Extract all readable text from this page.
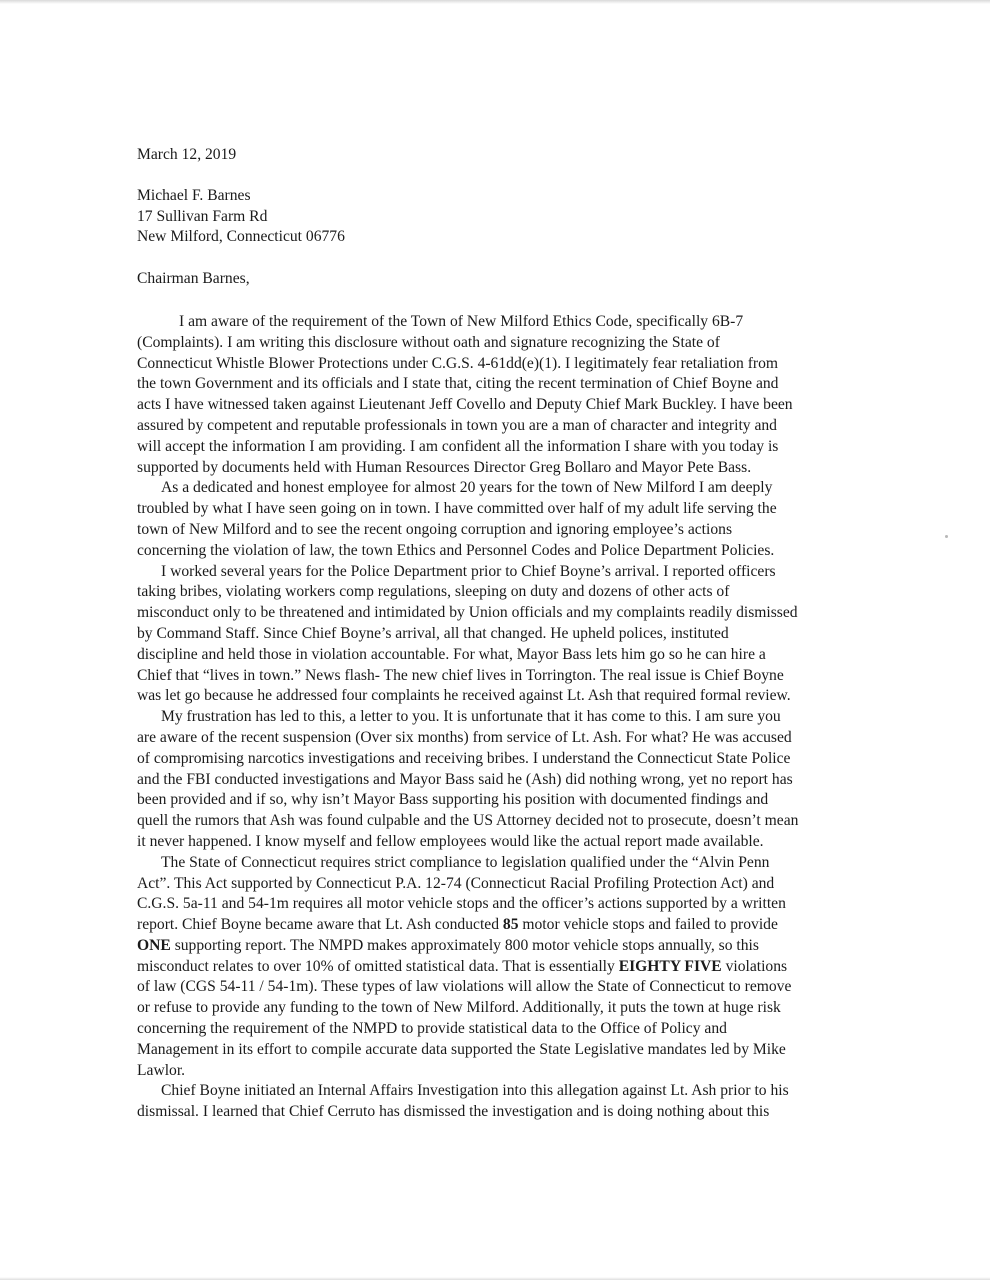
March 12, 2019
Michael F. Barnes
17 Sullivan Farm Rd
New Milford, Connecticut 06776
Chairman Barnes,
I am aware of the requirement of the Town of New Milford Ethics Code, specifically 6B-7
(Complaints). I am writing this disclosure without oath and signature recognizing the State of
Connecticut Whistle Blower Protections under C.G.S. 4-61dd(e)(1). I legitimately fear retaliation from
the town Government and its officials and I state that, citing the recent termination of Chief Boyne and
acts I have witnessed taken against Lieutenant Jeff Covello and Deputy Chief Mark Buckley. I have been
assured by competent and reputable professionals in town you are a man of character and integrity and
will accept the information I am providing. I am confident all the information I share with you today is
supported by documents held with Human Resources Director Greg Bollaro and Mayor Pete Bass.
As a dedicated and honest employee for almost 20 years for the town of New Milford I am deeply
troubled by what I have seen going on in town. I have committed over half of my adult life serving the
town of New Milford and to see the recent ongoing corruption and ignoring employee’s actions
concerning the violation of law, the town Ethics and Personnel Codes and Police Department Policies.
I worked several years for the Police Department prior to Chief Boyne’s arrival. I reported officers
taking bribes, violating workers comp regulations, sleeping on duty and dozens of other acts of
misconduct only to be threatened and intimidated by Union officials and my complaints readily dismissed
by Command Staff. Since Chief Boyne’s arrival, all that changed. He upheld polices, instituted
discipline and held those in violation accountable. For what, Mayor Bass lets him go so he can hire a
Chief that “lives in town.” News flash- The new chief lives in Torrington. The real issue is Chief Boyne
was let go because he addressed four complaints he received against Lt. Ash that required formal review.
My frustration has led to this, a letter to you. It is unfortunate that it has come to this. I am sure you
are aware of the recent suspension (Over six months) from service of Lt. Ash. For what? He was accused
of compromising narcotics investigations and receiving bribes. I understand the Connecticut State Police
and the FBI conducted investigations and Mayor Bass said he (Ash) did nothing wrong, yet no report has
been provided and if so, why isn’t Mayor Bass supporting his position with documented findings and
quell the rumors that Ash was found culpable and the US Attorney decided not to prosecute, doesn’t mean
it never happened. I know myself and fellow employees would like the actual report made available.
The State of Connecticut requires strict compliance to legislation qualified under the “Alvin Penn
Act”. This Act supported by Connecticut P.A. 12-74 (Connecticut Racial Profiling Protection Act) and
C.G.S. 5a-11 and 54-1m requires all motor vehicle stops and the officer’s actions supported by a written
report. Chief Boyne became aware that Lt. Ash conducted 85 motor vehicle stops and failed to provide
ONE supporting report. The NMPD makes approximately 800 motor vehicle stops annually, so this
misconduct relates to over 10% of omitted statistical data. That is essentially EIGHTY FIVE violations
of law (CGS 54-11 / 54-1m). These types of law violations will allow the State of Connecticut to remove
or refuse to provide any funding to the town of New Milford. Additionally, it puts the town at huge risk
concerning the requirement of the NMPD to provide statistical data to the Office of Policy and
Management in its effort to compile accurate data supported the State Legislative mandates led by Mike
Lawlor.
Chief Boyne initiated an Internal Affairs Investigation into this allegation against Lt. Ash prior to his
dismissal. I learned that Chief Cerruto has dismissed the investigation and is doing nothing about this
